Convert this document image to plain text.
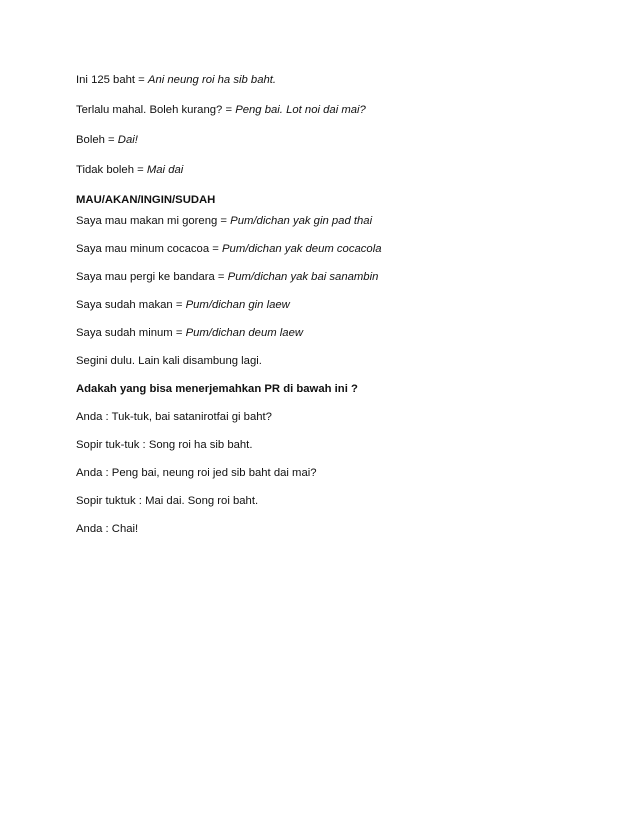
Ini 125 baht = Ani neung roi ha sib baht.
Terlalu mahal. Boleh kurang? = Peng bai. Lot noi dai mai?
Boleh = Dai!
Tidak boleh = Mai dai
MAU/AKAN/INGIN/SUDAH
Saya mau makan mi goreng = Pum/dichan yak gin pad thai
Saya mau minum cocacoa = Pum/dichan yak deum cocacola
Saya mau pergi ke bandara = Pum/dichan yak bai sanambin
Saya sudah makan = Pum/dichan gin laew
Saya sudah minum = Pum/dichan deum laew
Segini dulu. Lain kali disambung lagi.
Adakah yang bisa menerjemahkan PR di bawah ini ?
Anda : Tuk-tuk, bai satanirotfai gi baht?
Sopir tuk-tuk : Song roi ha sib baht.
Anda : Peng bai, neung roi jed sib baht dai mai?
Sopir tuktuk : Mai dai. Song roi baht.
Anda : Chai!
